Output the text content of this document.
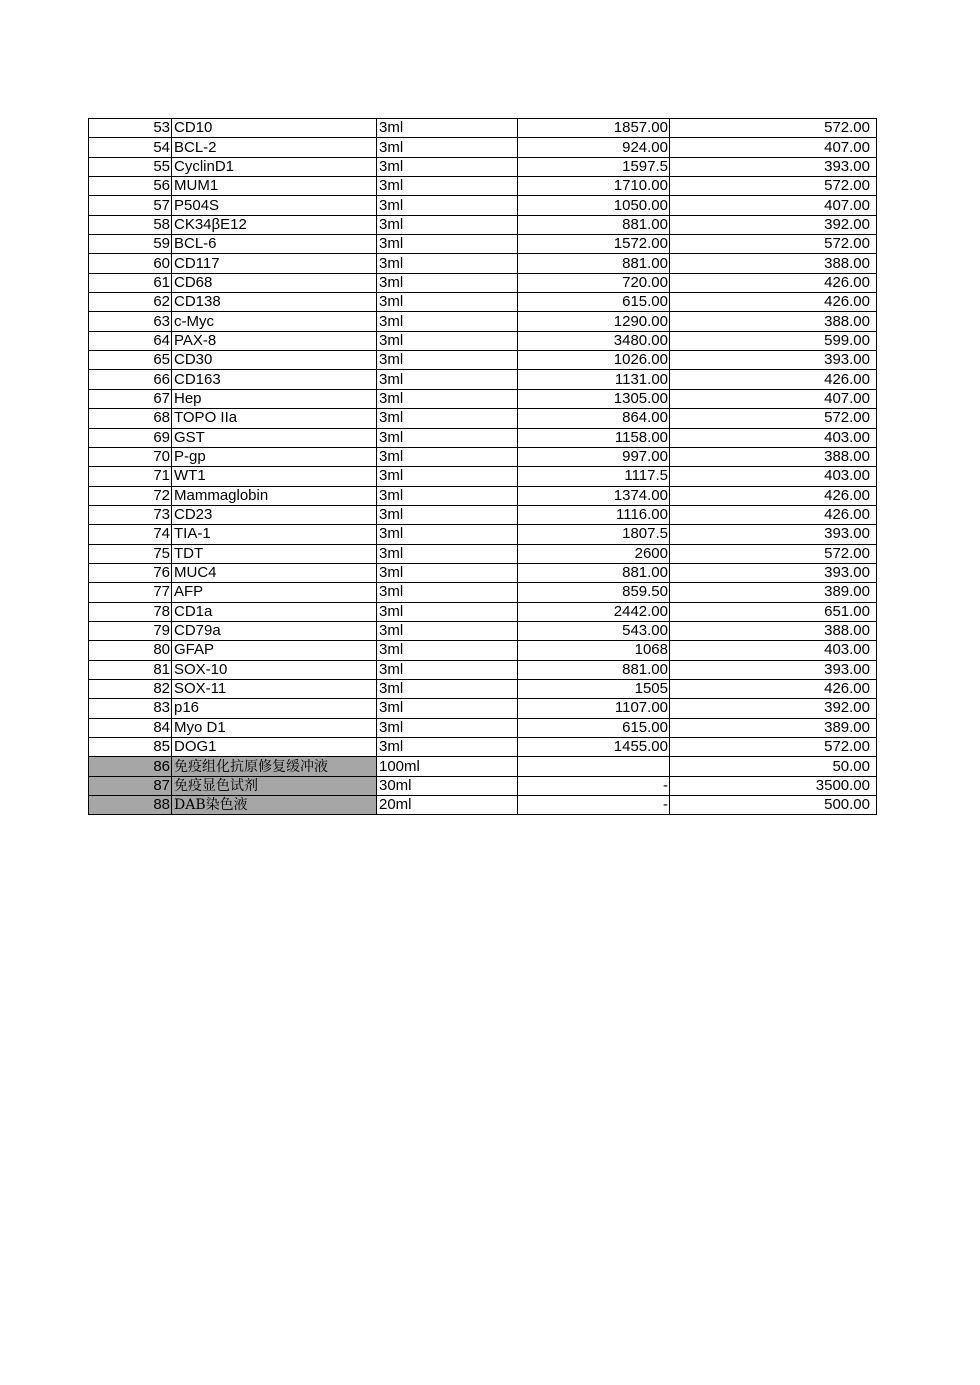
53	CD10	3ml	1857.00	572.00
54	BCL-2	3ml	924.00	407.00
55	CyclinD1	3ml	1597.5	393.00
56	MUM1	3ml	1710.00	572.00
57	P504S	3ml	1050.00	407.00
58	CK34βE12	3ml	881.00	392.00
59	BCL-6	3ml	1572.00	572.00
60	CD117	3ml	881.00	388.00
61	CD68	3ml	720.00	426.00
62	CD138	3ml	615.00	426.00
63	c-Myc	3ml	1290.00	388.00
64	PAX-8	3ml	3480.00	599.00
65	CD30	3ml	1026.00	393.00
66	CD163	3ml	1131.00	426.00
67	Hep	3ml	1305.00	407.00
68	TOPO IIa	3ml	864.00	572.00
69	GST	3ml	1158.00	403.00
70	P-gp	3ml	997.00	388.00
71	WT1	3ml	1117.5	403.00
72	Mammaglobin	3ml	1374.00	426.00
73	CD23	3ml	1116.00	426.00
74	TIA-1	3ml	1807.5	393.00
75	TDT	3ml	2600	572.00
76	MUC4	3ml	881.00	393.00
77	AFP	3ml	859.50	389.00
78	CD1a	3ml	2442.00	651.00
79	CD79a	3ml	543.00	388.00
80	GFAP	3ml	1068	403.00
81	SOX-10	3ml	881.00	393.00
82	SOX-11	3ml	1505	426.00
83	p16	3ml	1107.00	392.00
84	Myo D1	3ml	615.00	389.00
85	DOG1	3ml	1455.00	572.00
86	免疫组化抗原修复缓冲液	100ml		50.00
87	免疫显色试剂	30ml	-	3500.00
88	DAB染色液	20ml	-	500.00
